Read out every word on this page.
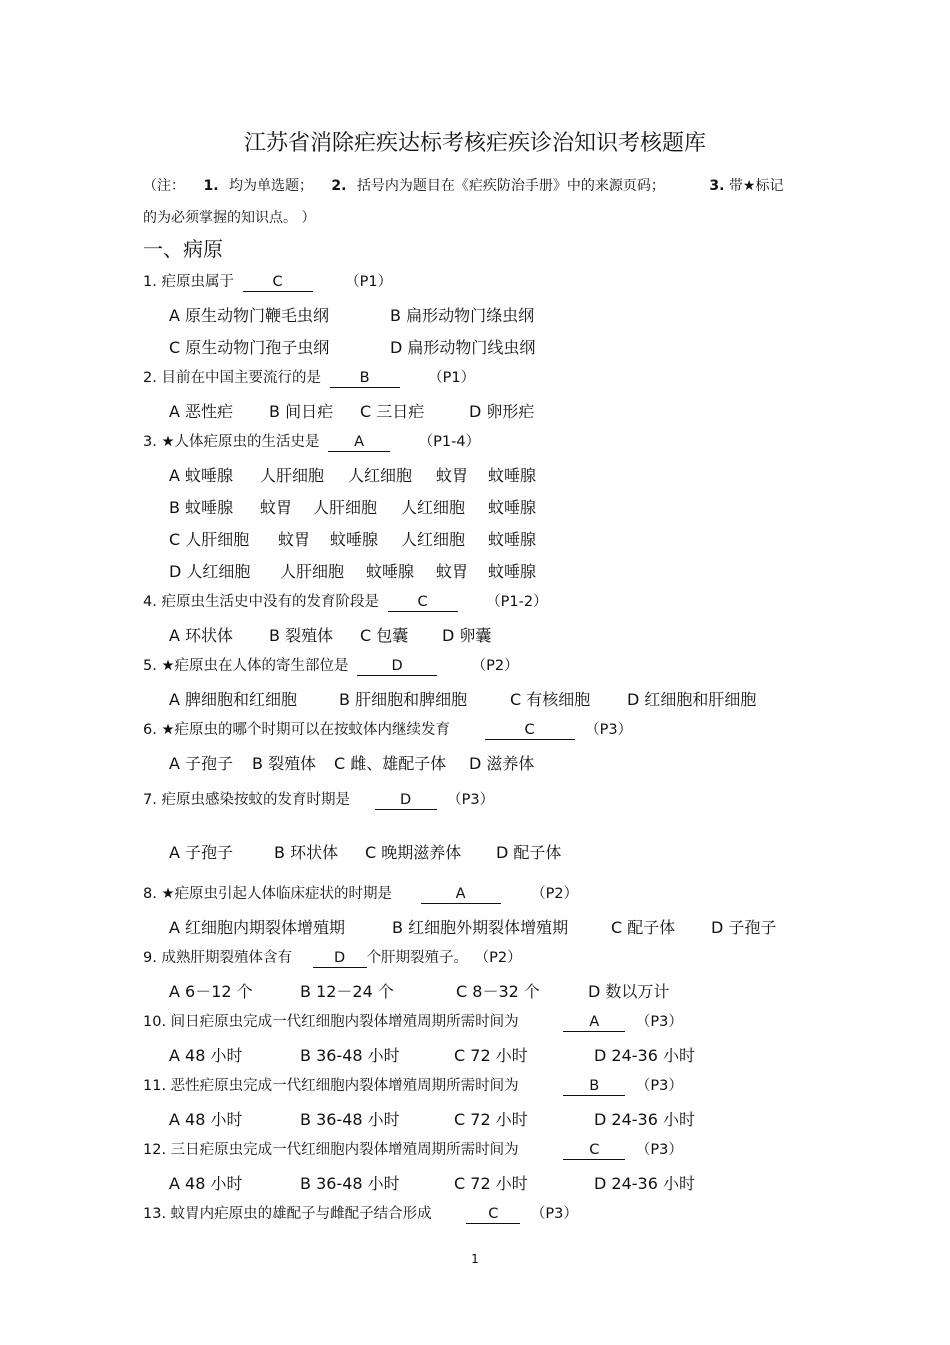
江苏省消除疟疾达标考核疟疾诊治知识考核题库
（注： 1. 均为单选题； 2. 括号内为题目在《疟疾防治手册》中的来源页码；	3. 带★标记
的为必须掌握的知识点。 ）
一、病原
1. 疟原虫属于	C	（P1）
A 原生动物门鞭毛虫纲	B 扁形动物门绦虫纲
C 原生动物门孢子虫纲	D 扁形动物门线虫纲
2. 目前在中国主要流行的是	B	（P1）
A 恶性疟 B 间日疟 C 三日疟	D 卵形疟
3. ★人体疟原虫的生活史是 A	（P1-4）
A 蚊唾腺 人肝细胞 人红细胞 蚊胃 蚊唾腺
B 蚊唾腺 蚊胃 人肝细胞 人红细胞 蚊唾腺
C 人肝细胞 蚊胃 蚊唾腺 人红细胞 蚊唾腺
D 人红细胞 人肝细胞 蚊唾腺 蚊胃 蚊唾腺
4. 疟原虫生活史中没有的发育阶段是	C	（P1-2）
A 环状体 B 裂殖体 C 包囊 D 卵囊
5. ★疟原虫在人体的寄生部位是	D	（P2）
A 脾细胞和红细胞	B 肝细胞和脾细胞	C 有核细胞 D 红细胞和肝细胞
6. ★疟原虫的哪个时期可以在按蚊体内继续发育	C	（P3）
A 子孢子 B 裂殖体 C 雌、雄配子体 D 滋养体
7. 疟原虫感染按蚊的发育时期是	D （P3）
A 子孢子	B 环状体 C 晚期滋养体 D 配子体
8. ★疟原虫引起人体临床症状的时期是	A	（P2）
A 红细胞内期裂体增殖期	B 红细胞外期裂体增殖期	C 配子体 D 子孢子
9. 成熟肝期裂殖体含有	D 个肝期裂殖子。 （P2）
A 6－12 个	B 12－24 个	C 8－32 个	D 数以万计
10. 间日疟原虫完成一代红细胞内裂体增殖周期所需时间为	A	（P3）
A 48 小时	B 36-48 小时	C 72 小时	D 24-36 小时
11. 恶性疟原虫完成一代红细胞内裂体增殖周期所需时间为	B	（P3）
A 48 小时	B 36-48 小时	C 72 小时	D 24-36 小时
12. 三日疟原虫完成一代红细胞内裂体增殖周期所需时间为	C	（P3）
A 48 小时	B 36-48 小时	C 72 小时	D 24-36 小时
13. 蚊胃内疟原虫的雄配子与雌配子结合形成	C （P3）
1
